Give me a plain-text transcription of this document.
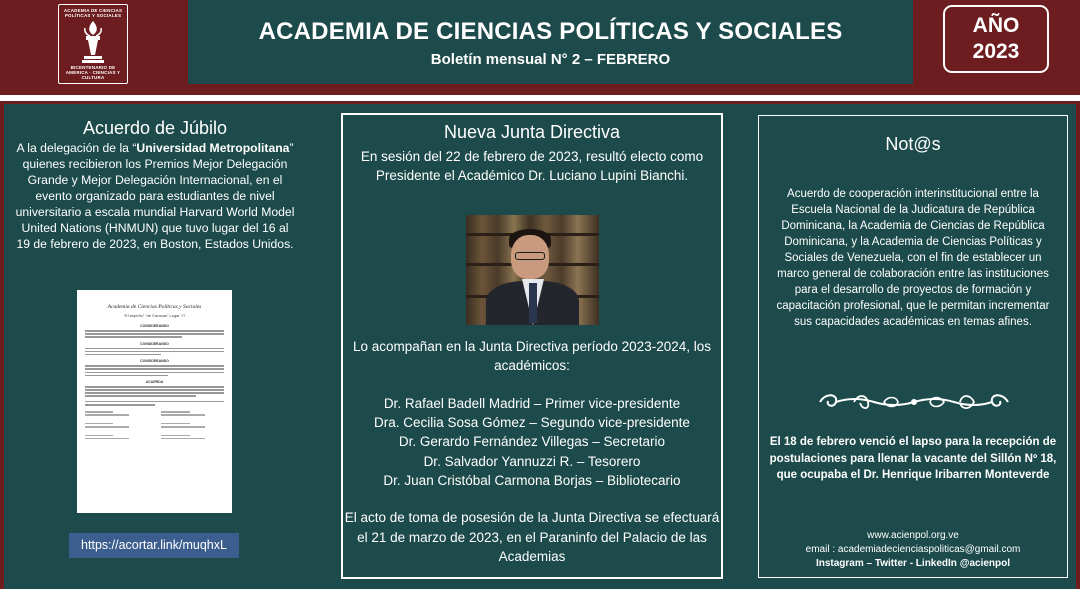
ACADEMIA DE CIENCIAS POLÍTICAS Y SOCIALES
BICENTENARIO DE AMERICA · CIENCIAS Y CULTURA
ACADEMIA DE CIENCIAS POLÍTICAS Y SOCIALES
Boletín mensual N° 2 – FEBRERO
AÑO
2023
Acuerdo de Júbilo
A la delegación de la “Universidad Metropolitana” quienes recibieron los Premios Mejor Delegación Grande y Mejor Delegación Internacional, en el evento organizado para estudiantes de nivel universitario a escala mundial Harvard World Model United Nations (HNMUN) que tuvo lugar del 16 al 19 de febrero de 2023, en Boston, Estados Unidos.
Academia de Ciencias Políticas y Sociales
“El espíritu” “de Caracas” Lugar ??
CONSIDERANDO
CONSIDERANDO
CONSIDERANDO
ACUERDA
https://acortar.link/muqhxL
Nueva Junta Directiva
En sesión del 22 de febrero de 2023, resultó electo como Presidente el Académico Dr. Luciano Lupini Bianchi.
Lo acompañan en la Junta Directiva período 2023-2024, los académicos:
Dr. Rafael Badell Madrid – Primer vice-presidente
Dra. Cecilia Sosa Gómez – Segundo vice-presidente
Dr. Gerardo Fernández Villegas – Secretario
Dr. Salvador Yannuzzi R. – Tesorero
Dr. Juan Cristóbal Carmona Borjas – Bibliotecario
El acto de toma de posesión de la Junta Directiva se efectuará el 21 de marzo de 2023, en el Paraninfo del Palacio de las Academias
Not@s
Acuerdo de cooperación interinstitucional entre la Escuela Nacional de la Judicatura de República Dominicana, la Academia de Ciencias de República Dominicana, y la Academia de Ciencias Políticas y Sociales de Venezuela, con el fin de establecer un marco general de colaboración entre las instituciones para el desarrollo de proyectos de formación y capacitación profesional, que le permitan incrementar sus capacidades académicas en temas afines.
El 18 de febrero venció el lapso para la recepción de postulaciones para llenar la vacante del Sillón Nº 18, que ocupaba el Dr. Henrique Iribarren Monteverde
www.acienpol.org.ve
email : academiadecienciaspoliticas@gmail.com
Instagram – Twitter - LinkedIn @acienpol
